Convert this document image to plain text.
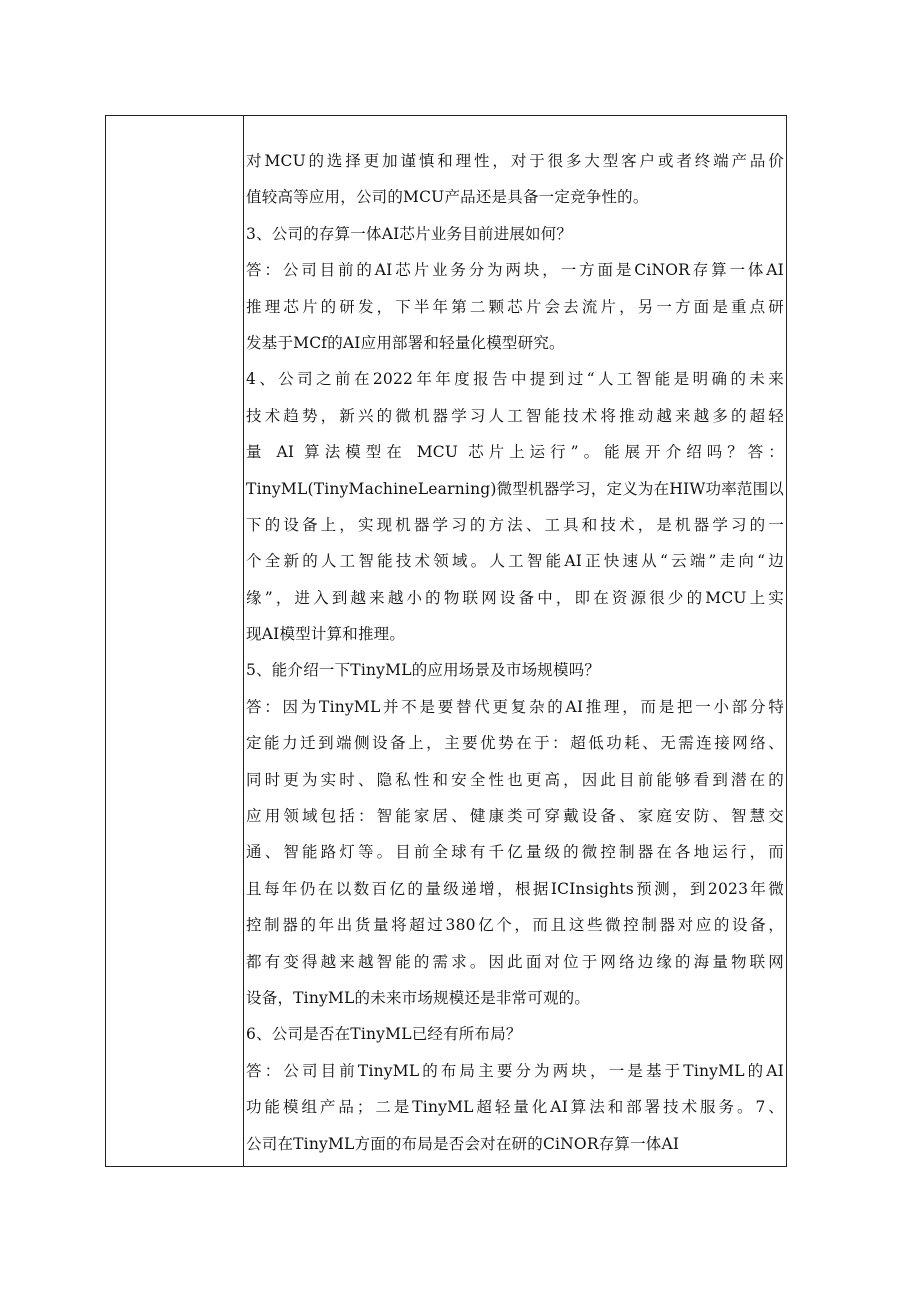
对MCU的选择更加谨慎和理性，对于很多大型客户或者终端产品价
值较高等应用，公司的MCU产品还是具备一定竞争性的。
3、公司的存算一体AI芯片业务目前进展如何？
答：公司目前的AI芯片业务分为两块，一方面是CiNOR存算一体AI
推理芯片的研发，下半年第二颗芯片会去流片，另一方面是重点研
发基于MCf的AI应用部署和轻量化模型研究。
4、公司之前在2022年年度报告中提到过“人工智能是明确的未来
技术趋势，新兴的微机器学习人工智能技术将推动越来越多的超轻
量 AI 算法模型在 MCU 芯片上运行”。能展开介绍吗？答：
TinyML(TinyMachineLearning)微型机器学习，定义为在HIW功率范围以
下的设备上，实现机器学习的方法、工具和技术，是机器学习的一
个全新的人工智能技术领域。人工智能AI正快速从“云端”走向“边
缘”，进入到越来越小的物联网设备中，即在资源很少的MCU上实
现AI模型计算和推理。
5、能介绍一下TinyML的应用场景及市场规模吗？
答：因为TinyML并不是要替代更复杂的AI推理，而是把一小部分特
定能力迁到端侧设备上，主要优势在于：超低功耗、无需连接网络、
同时更为实时、隐私性和安全性也更高，因此目前能够看到潜在的
应用领域包括：智能家居、健康类可穿戴设备、家庭安防、智慧交
通、智能路灯等。目前全球有千亿量级的微控制器在各地运行，而
且每年仍在以数百亿的量级递增，根据ICInsights预测，到2023年微
控制器的年出货量将超过380亿个，而且这些微控制器对应的设备，
都有变得越来越智能的需求。因此面对位于网络边缘的海量物联网
设备，TinyML的未来市场规模还是非常可观的。
6、公司是否在TinyML已经有所布局？
答：公司目前TinyML的布局主要分为两块，一是基于TinyML的AI
功能模组产品；二是TinyML超轻量化AI算法和部署技术服务。7、
公司在TinyML方面的布局是否会对在研的CiNOR存算一体AI
